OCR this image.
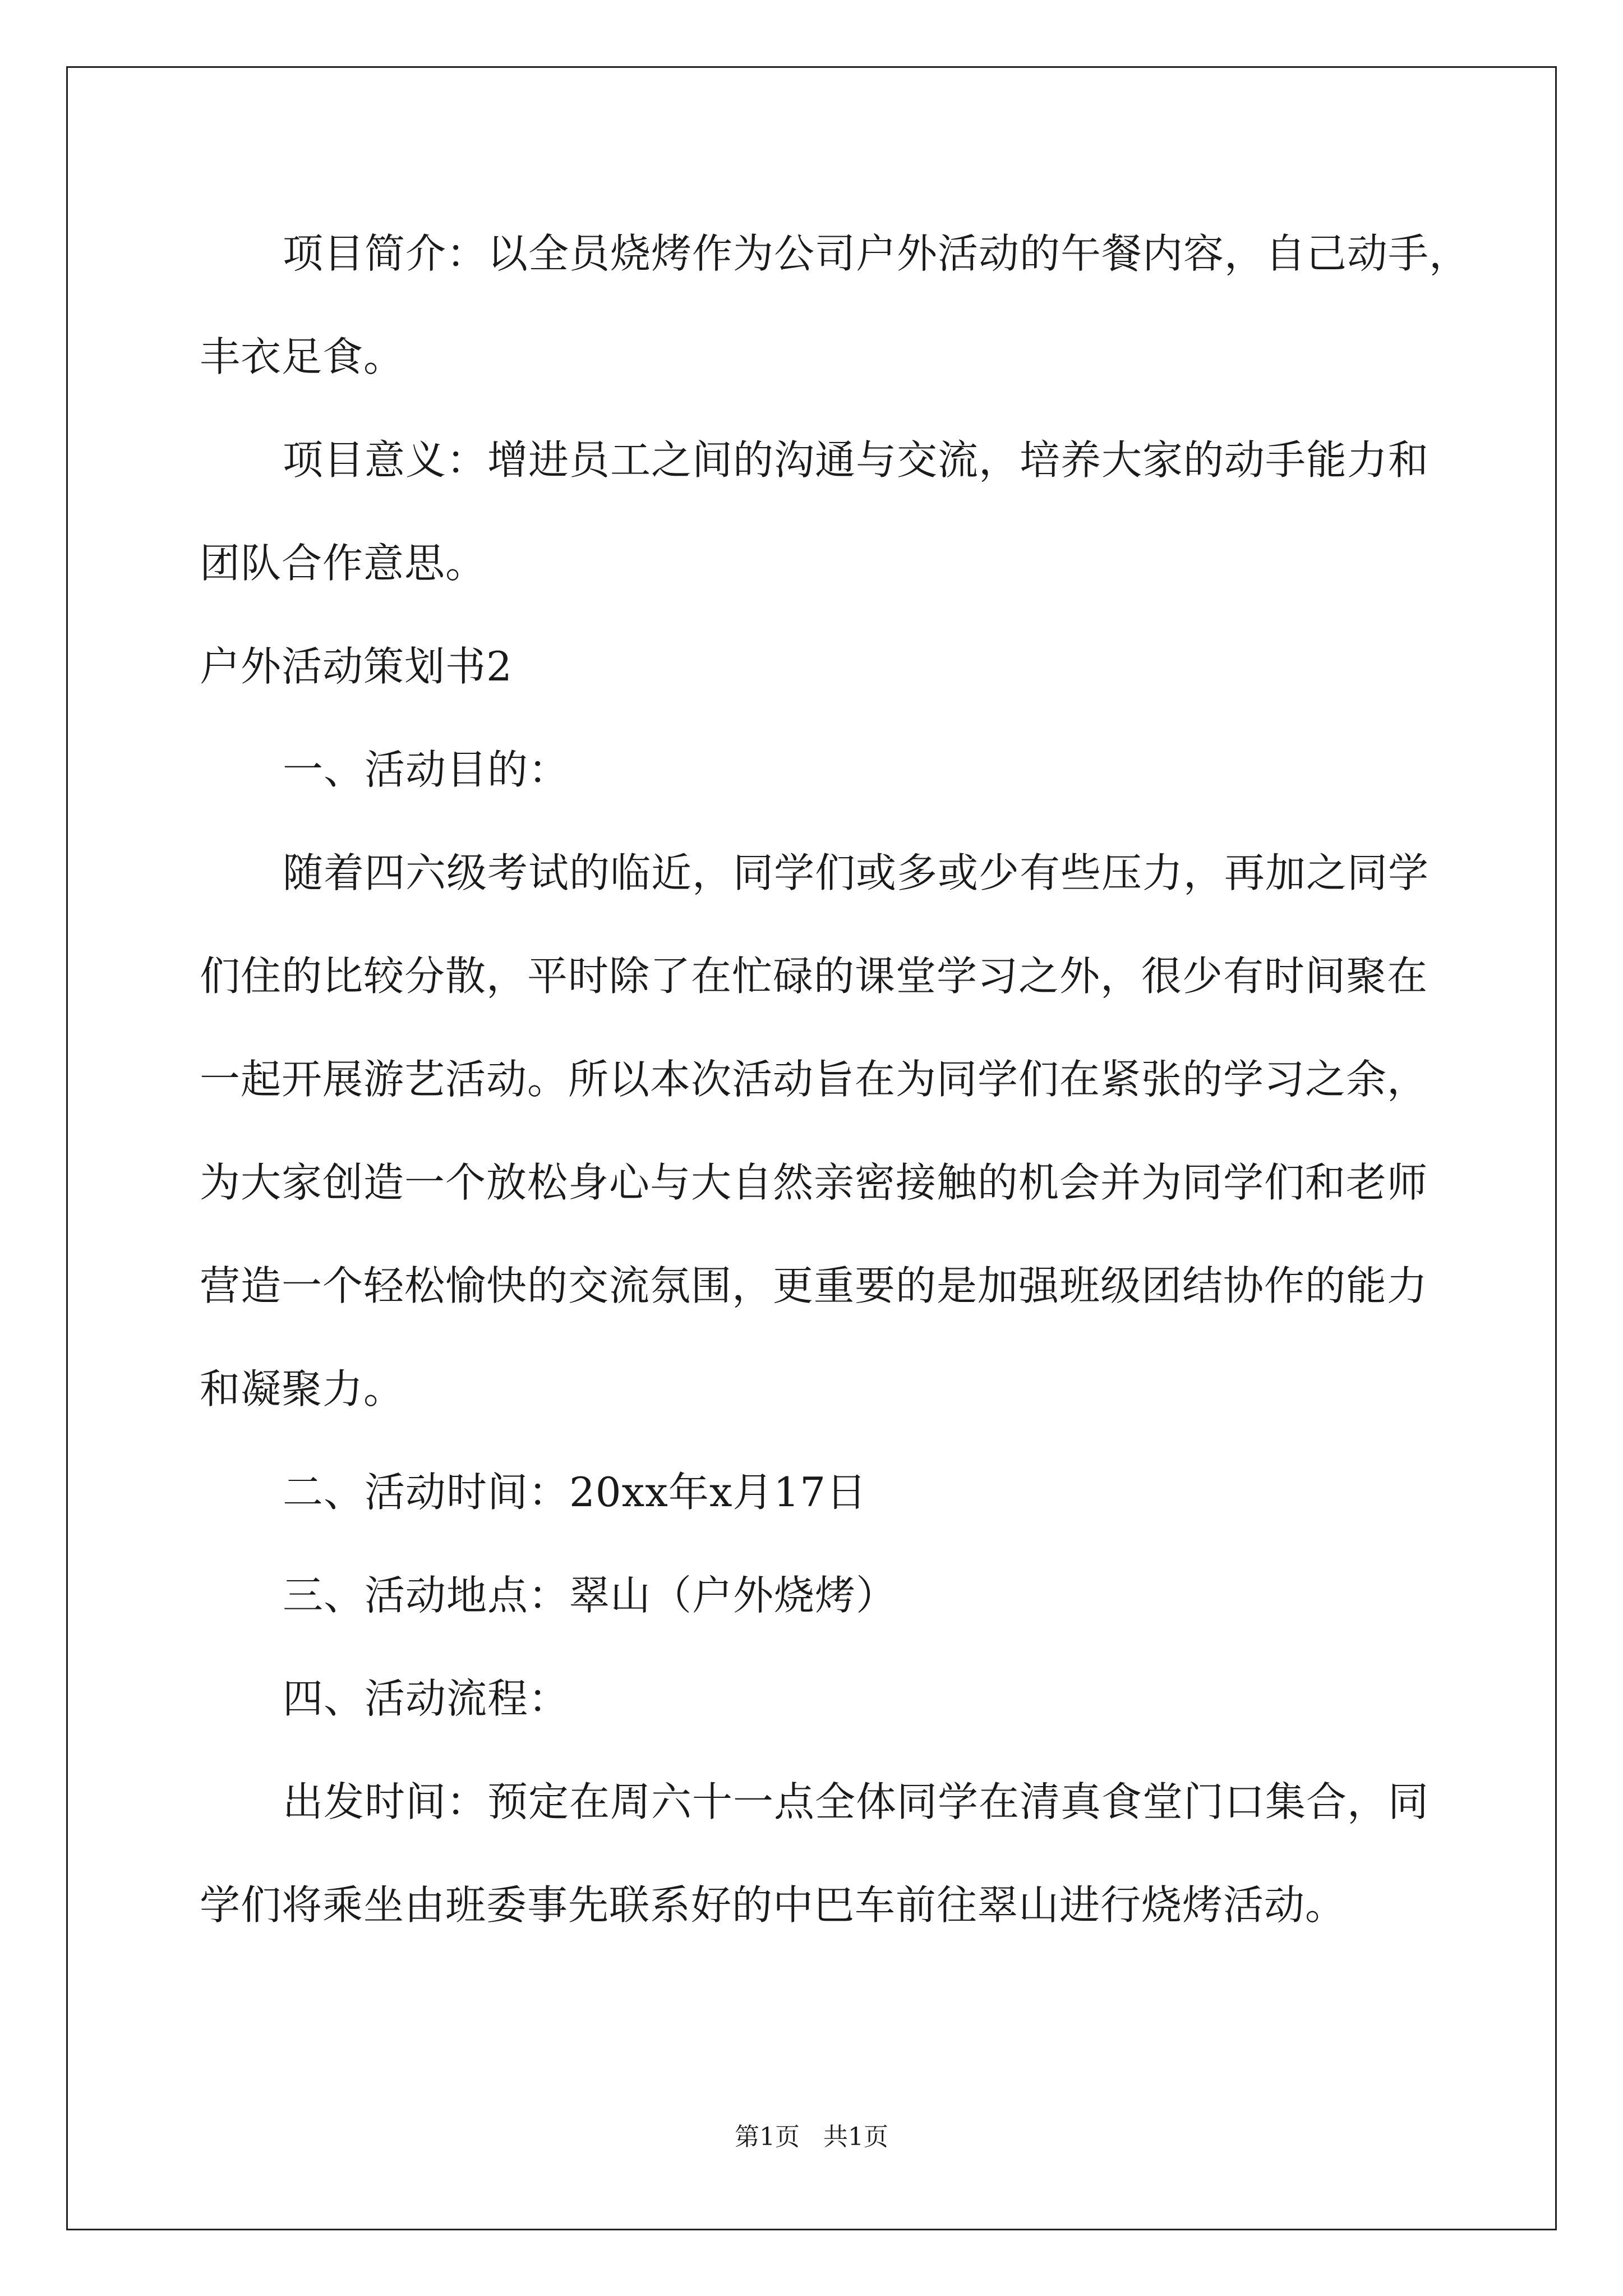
项目简介：以全员烧烤作为公司户外活动的午餐内容，自己动手，
丰衣足食。
项目意义：增进员工之间的沟通与交流，培养大家的动手能力和
团队合作意思。
户外活动策划书2
一、活动目的：
随着四六级考试的临近，同学们或多或少有些压力，再加之同学
们住的比较分散，平时除了在忙碌的课堂学习之外，很少有时间聚在
一起开展游艺活动。所以本次活动旨在为同学们在紧张的学习之余，
为大家创造一个放松身心与大自然亲密接触的机会并为同学们和老师
营造一个轻松愉快的交流氛围，更重要的是加强班级团结协作的能力
和凝聚力。
二、活动时间：20xx年x月17日
三、活动地点：翠山（户外烧烤）
四、活动流程：
出发时间：预定在周六十一点全体同学在清真食堂门口集合，同
学们将乘坐由班委事先联系好的中巴车前往翠山进行烧烤活动。
第1页   共1页
